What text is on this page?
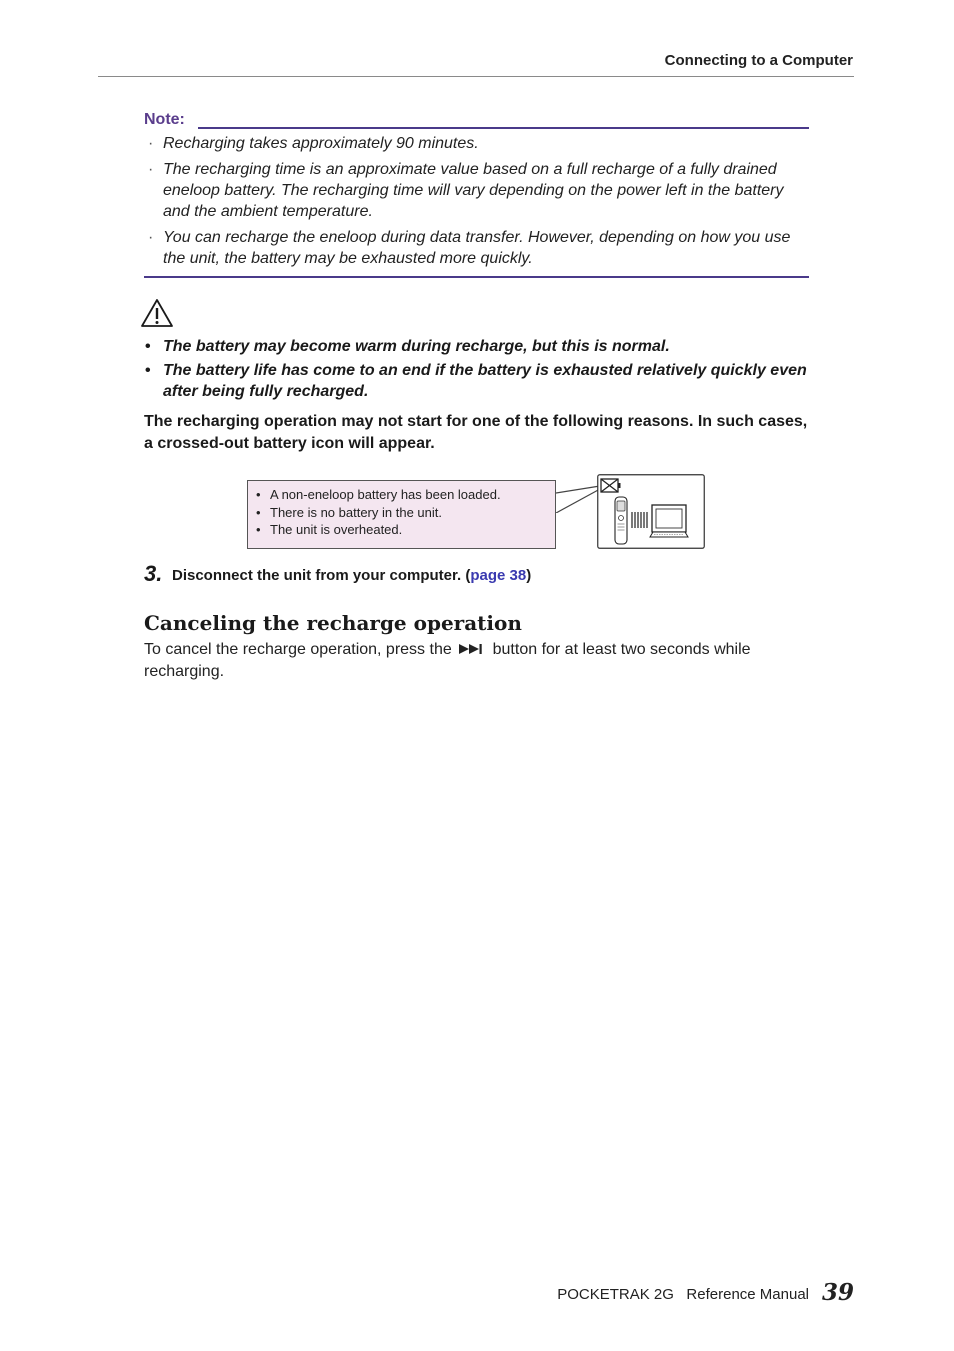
Connecting to a Computer
Note:
· Recharging takes approximately 90 minutes.
· The recharging time is an approximate value based on a full recharge of a fully drained eneloop battery. The recharging time will vary depending on the power left in the battery and the ambient temperature.
· You can recharge the eneloop during data transfer. However, depending on how you use the unit, the battery may be exhausted more quickly.
• The battery may become warm during recharge, but this is normal.
• The battery life has come to an end if the battery is exhausted relatively quickly even after being fully recharged.
The recharging operation may not start for one of the following reasons. In such cases, a crossed-out battery icon will appear.
• A non-eneloop battery has been loaded.
• There is no battery in the unit.
• The unit is overheated.
3. Disconnect the unit from your computer. (page 38)
Canceling the recharge operation
To cancel the recharge operation, press the  button for at least two seconds while recharging.
POCKETRAK 2G   Reference Manual 39
